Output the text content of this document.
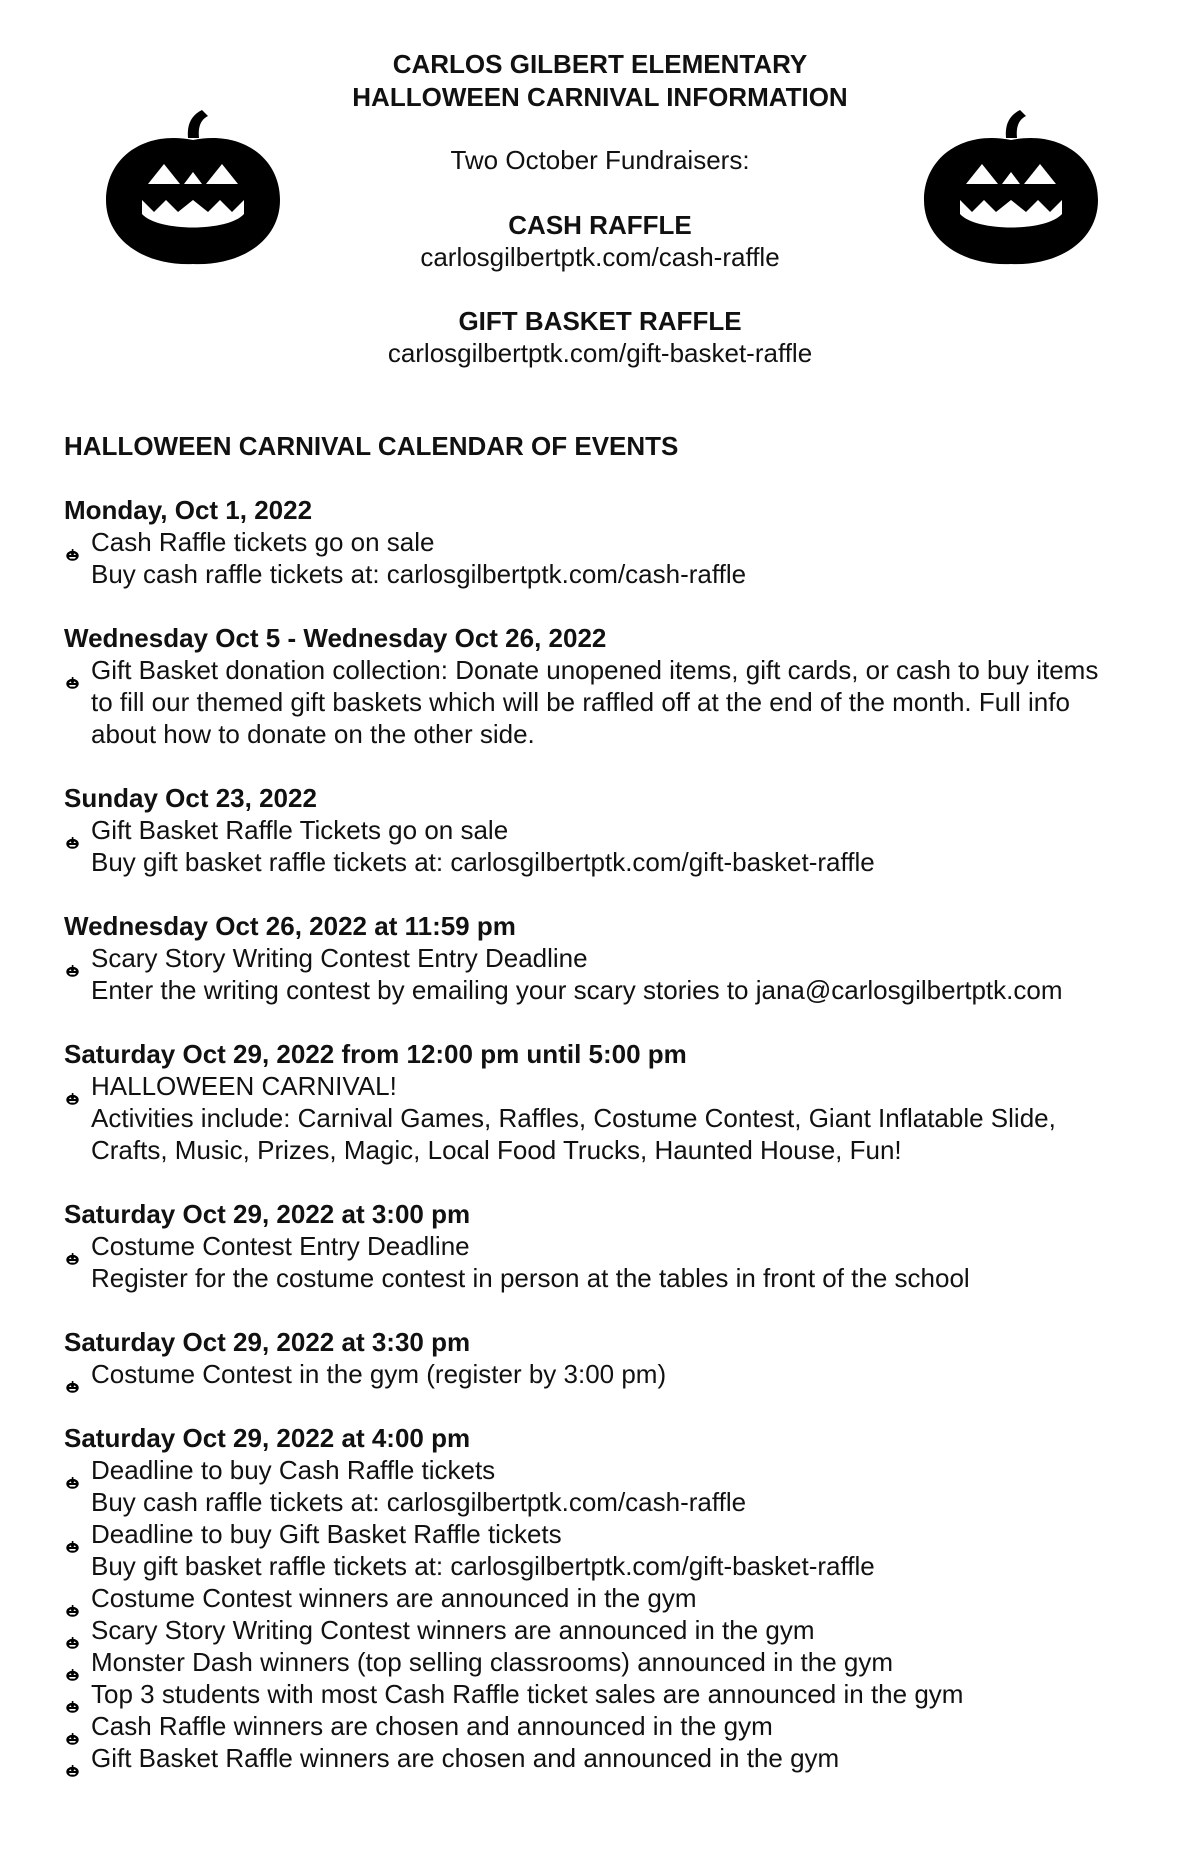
CARLOS GILBERT ELEMENTARY
HALLOWEEN CARNIVAL INFORMATION
Two October Fundraisers:
CASH RAFFLE
carlosgilbertptk.com/cash-raffle
GIFT BASKET RAFFLE
carlosgilbertptk.com/gift-basket-raffle
HALLOWEEN CARNIVAL CALENDAR OF EVENTS
Monday, Oct 1, 2022
Cash Raffle tickets go on sale
Buy cash raffle tickets at: carlosgilbertptk.com/cash-raffle
Wednesday Oct 5 - Wednesday Oct 26, 2022
Gift Basket donation collection: Donate unopened items, gift cards, or cash to buy items
to fill our themed gift baskets which will be raffled off at the end of the month. Full info
about how to donate on the other side.
Sunday Oct 23, 2022
Gift Basket Raffle Tickets go on sale
Buy gift basket raffle tickets at: carlosgilbertptk.com/gift-basket-raffle
Wednesday Oct 26, 2022 at 11:59 pm
Scary Story Writing Contest Entry Deadline
Enter the writing contest by emailing your scary stories to jana@carlosgilbertptk.com
Saturday Oct 29, 2022 from 12:00 pm until 5:00 pm
HALLOWEEN CARNIVAL!
Activities include: Carnival Games, Raffles, Costume Contest, Giant Inflatable Slide,
Crafts, Music, Prizes, Magic, Local Food Trucks, Haunted House, Fun!
Saturday Oct 29, 2022 at 3:00 pm
Costume Contest Entry Deadline
Register for the costume contest in person at the tables in front of the school
Saturday Oct 29, 2022 at 3:30 pm
Costume Contest in the gym (register by 3:00 pm)
Saturday Oct 29, 2022 at 4:00 pm
Deadline to buy Cash Raffle tickets
Buy cash raffle tickets at: carlosgilbertptk.com/cash-raffle
Deadline to buy Gift Basket Raffle tickets
Buy gift basket raffle tickets at: carlosgilbertptk.com/gift-basket-raffle
Costume Contest winners are announced in the gym
Scary Story Writing Contest winners are announced in the gym
Monster Dash winners (top selling classrooms) announced in the gym
Top 3 students with most Cash Raffle ticket sales are announced in the gym
Cash Raffle winners are chosen and announced in the gym
Gift Basket Raffle winners are chosen and announced in the gym
